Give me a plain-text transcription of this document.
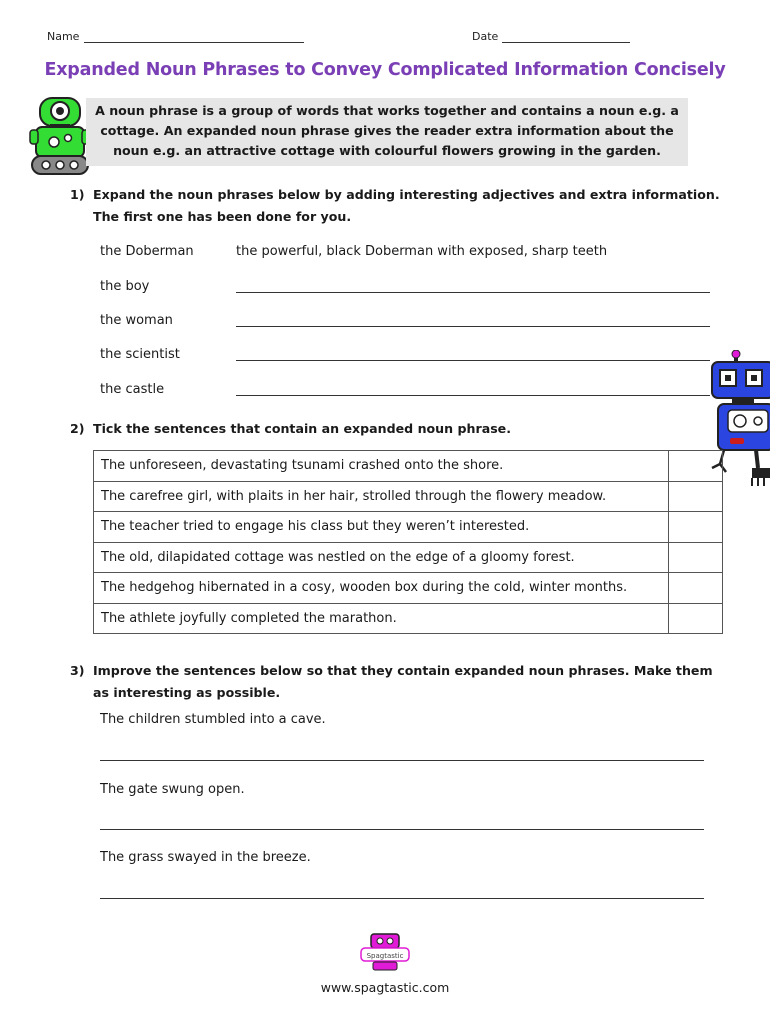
Name	Date
Expanded Noun Phrases to Convey Complicated Information Concisely
A noun phrase is a group of words that works together and contains a noun e.g. a
cottage. An expanded noun phrase gives the reader extra information about the
noun e.g. an attractive cottage with colourful flowers growing in the garden.
1) Expand the noun phrases below by adding interesting adjectives and extra information.
The first one has been done for you.
the Doberman	the powerful, black Doberman with exposed, sharp teeth
the boy
the woman
the scientist
the castle
2) Tick the sentences that contain an expanded noun phrase.
The unforeseen, devastating tsunami crashed onto the shore.	
The carefree girl, with plaits in her hair, strolled through the flowery meadow.	
The teacher tried to engage his class but they weren’t interested.	
The old, dilapidated cottage was nestled on the edge of a gloomy forest.	
The hedgehog hibernated in a cosy, wooden box during the cold, winter months.	
The athlete joyfully completed the marathon.	
3) Improve the sentences below so that they contain expanded noun phrases. Make them
as interesting as possible.
The children stumbled into a cave.
The gate swung open.
The grass swayed in the breeze.
Spagtastic
www.spagtastic.com
